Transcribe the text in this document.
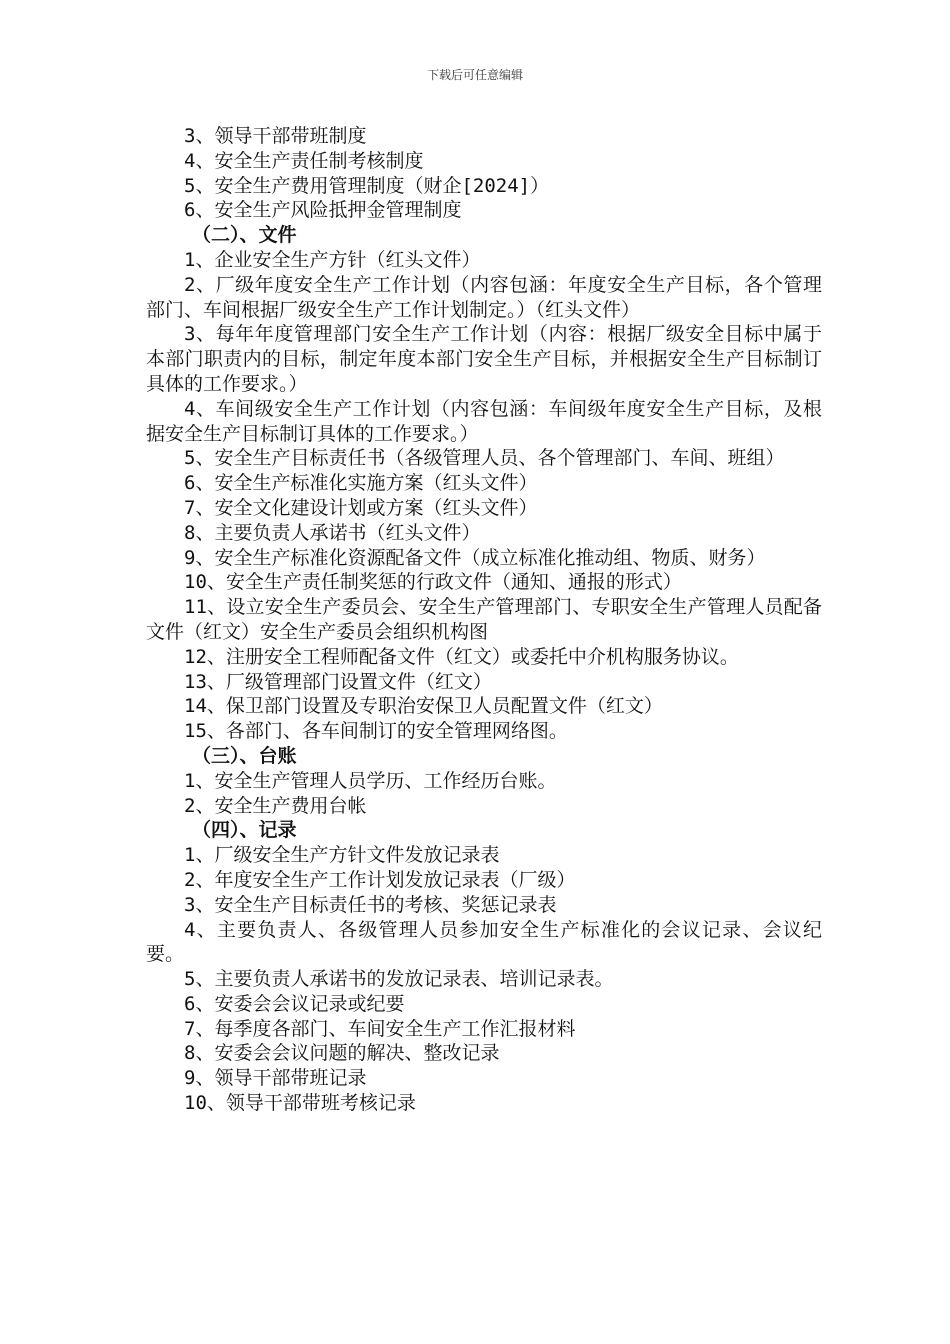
下载后可任意编辑

3、领导干部带班制度

4、安全生产责任制考核制度

5、安全生产费用管理制度（财企[2024]）

6、安全生产风险抵押金管理制度

（二）、文件

1、企业安全生产方针（红头文件）

2、厂级年度安全生产工作计划（内容包涵：年度安全生产目标，各个管理部门、车间根据厂级安全生产工作计划制定。）（红头文件）

3、每年年度管理部门安全生产工作计划（内容：根据厂级安全目标中属于本部门职责内的目标，制定年度本部门安全生产目标，并根据安全生产目标制订具体的工作要求。）

4、车间级安全生产工作计划（内容包涵：车间级年度安全生产目标，及根据安全生产目标制订具体的工作要求。）

5、安全生产目标责任书（各级管理人员、各个管理部门、车间、班组）

6、安全生产标准化实施方案（红头文件）

7、安全文化建设计划或方案（红头文件）

8、主要负责人承诺书（红头文件）

9、安全生产标准化资源配备文件（成立标准化推动组、物质、财务）

10、安全生产责任制奖惩的行政文件（通知、通报的形式）

11、设立安全生产委员会、安全生产管理部门、专职安全生产管理人员配备文件（红文）安全生产委员会组织机构图

12、注册安全工程师配备文件（红文）或委托中介机构服务协议。

13、厂级管理部门设置文件（红文）

14、保卫部门设置及专职治安保卫人员配置文件（红文）

15、各部门、各车间制订的安全管理网络图。

（三）、台账

1、安全生产管理人员学历、工作经历台账。

2、安全生产费用台帐

（四）、记录

1、厂级安全生产方针文件发放记录表

2、年度安全生产工作计划发放记录表（厂级）

3、安全生产目标责任书的考核、奖惩记录表

4、主要负责人、各级管理人员参加安全生产标准化的会议记录、会议纪要。

5、主要负责人承诺书的发放记录表、培训记录表。

6、安委会会议记录或纪要

7、每季度各部门、车间安全生产工作汇报材料

8、安委会会议问题的解决、整改记录

9、领导干部带班记录

10、领导干部带班考核记录
